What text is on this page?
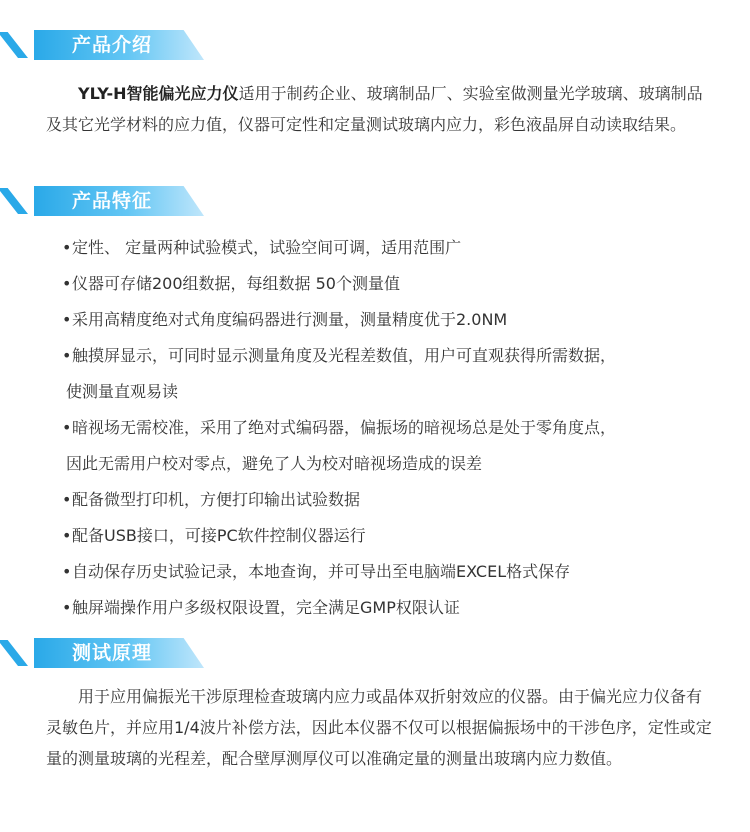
产品介绍

YLY-H智能偏光应力仪适用于制药企业、玻璃制品厂、实验室做测量光学玻璃、玻璃制品及其它光学材料的应力值，仪器可定性和定量测试玻璃内应力，彩色液晶屏自动读取结果。

产品特征
•定性、 定量两种试验模式，试验空间可调，适用范围广
•仪器可存储200组数据，每组数据 50个测量值
•采用高精度绝对式角度编码器进行测量，测量精度优于2.0NM
•触摸屏显示，可同时显示测量角度及光程差数值，用户可直观获得所需数据，
使测量直观易读
•暗视场无需校准，采用了绝对式编码器，偏振场的暗视场总是处于零角度点，
因此无需用户校对零点，避免了人为校对暗视场造成的误差
•配备微型打印机，方便打印输出试验数据
•配备USB接口，可接PC软件控制仪器运行
•自动保存历史试验记录，本地查询，并可导出至电脑端EXCEL格式保存
•触屏端操作用户多级权限设置，完全满足GMP权限认证
测试原理

用于应用偏振光干涉原理检查玻璃内应力或晶体双折射效应的仪器。由于偏光应力仪备有灵敏色片，并应用1/4波片补偿方法，因此本仪器不仅可以根据偏振场中的干涉色序，定性或定量的测量玻璃的光程差，配合壁厚测厚仪可以准确定量的测量出玻璃内应力数值。
